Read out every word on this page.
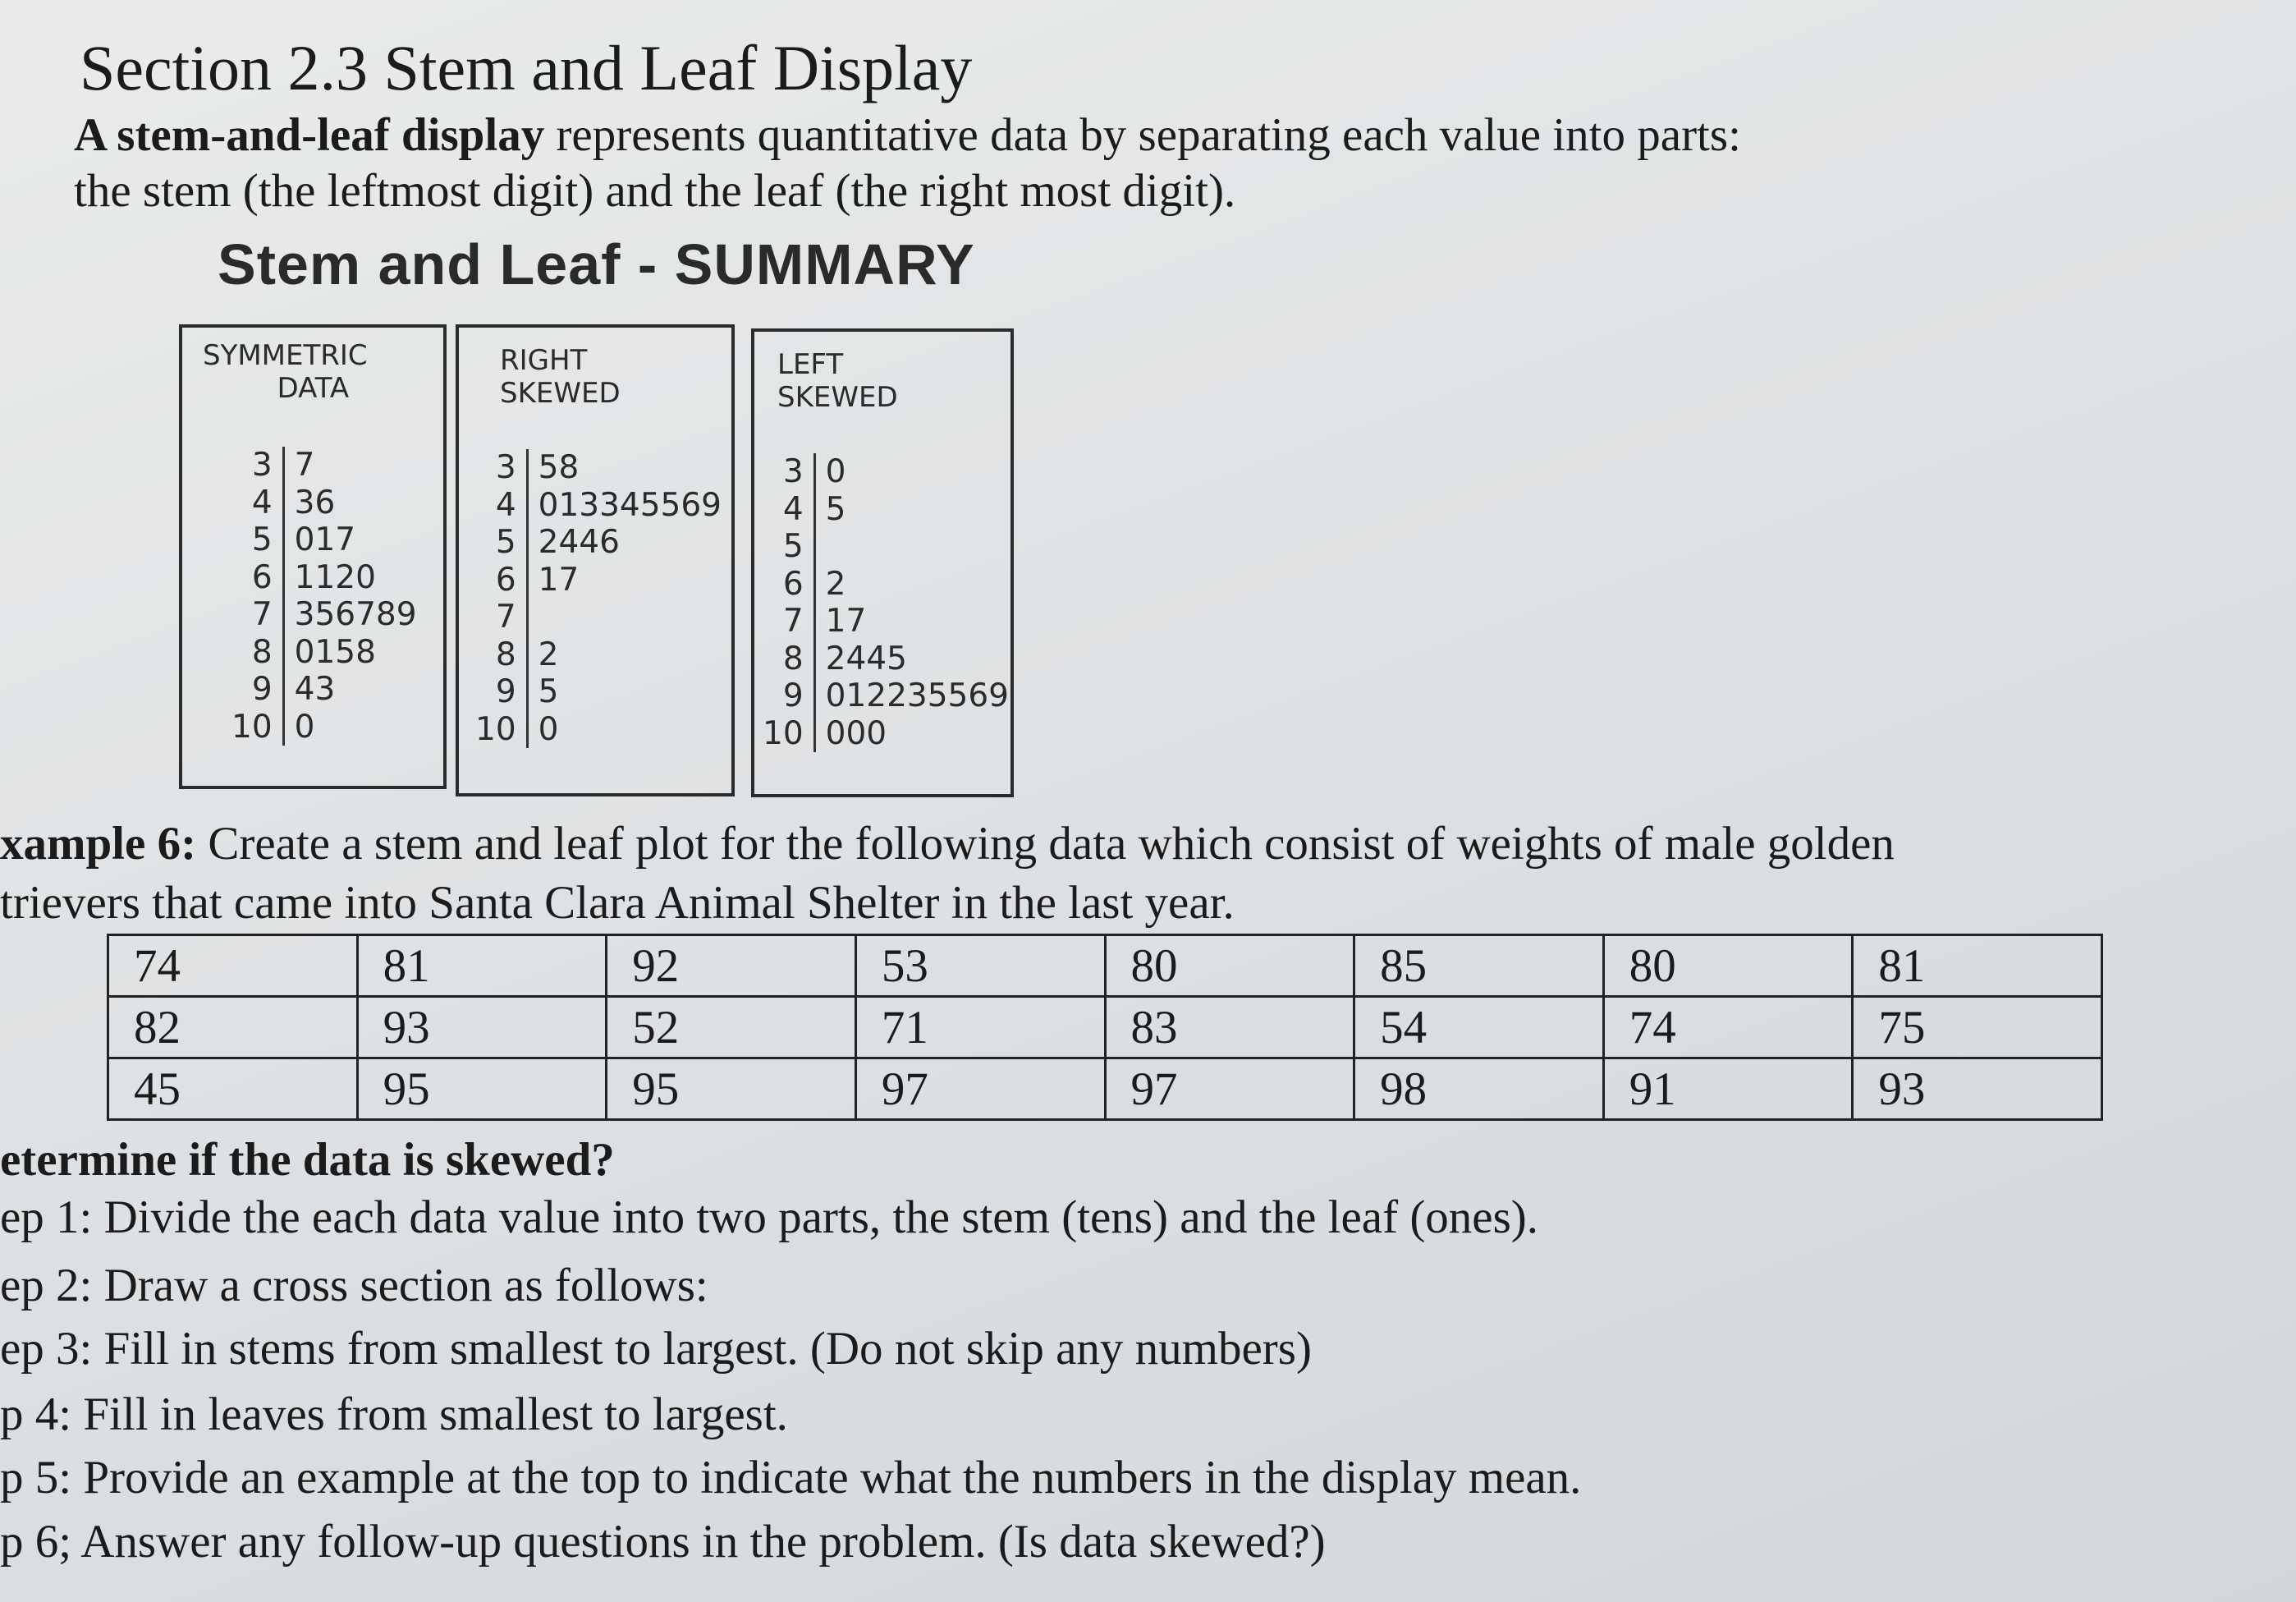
Section 2.3 Stem and Leaf Display
A stem-and-leaf display represents quantitative data by separating each value into parts:
the stem (the leftmost digit) and the leaf (the right most digit).
Stem and Leaf - SUMMARY
SYMMETRIC
DATA
3	7
4	36
5	017
6	1120
7	356789
8	0158
9	43
10	0
RIGHT
SKEWED
3	58
4	013345569
5	2446
6	17
7	
8	2
9	5
10	0
LEFT
SKEWED
3	0
4	5
5	
6	2
7	17
8	2445
9	012235569
10	000
xample 6: Create a stem and leaf plot for the following data which consist of weights of male golden
trievers that came into Santa Clara Animal Shelter in the last year.
74	81	92	53	80	85	80	81
82	93	52	71	83	54	74	75
45	95	95	97	97	98	91	93
etermine if the data is skewed?
ep 1: Divide the each data value into two parts, the stem (tens) and the leaf (ones).
ep 2: Draw a cross section as follows:
ep 3: Fill in stems from smallest to largest. (Do not skip any numbers)
p 4: Fill in leaves from smallest to largest.
p 5: Provide an example at the top to indicate what the numbers in the display mean.
p 6; Answer any follow-up questions in the problem. (Is data skewed?)
